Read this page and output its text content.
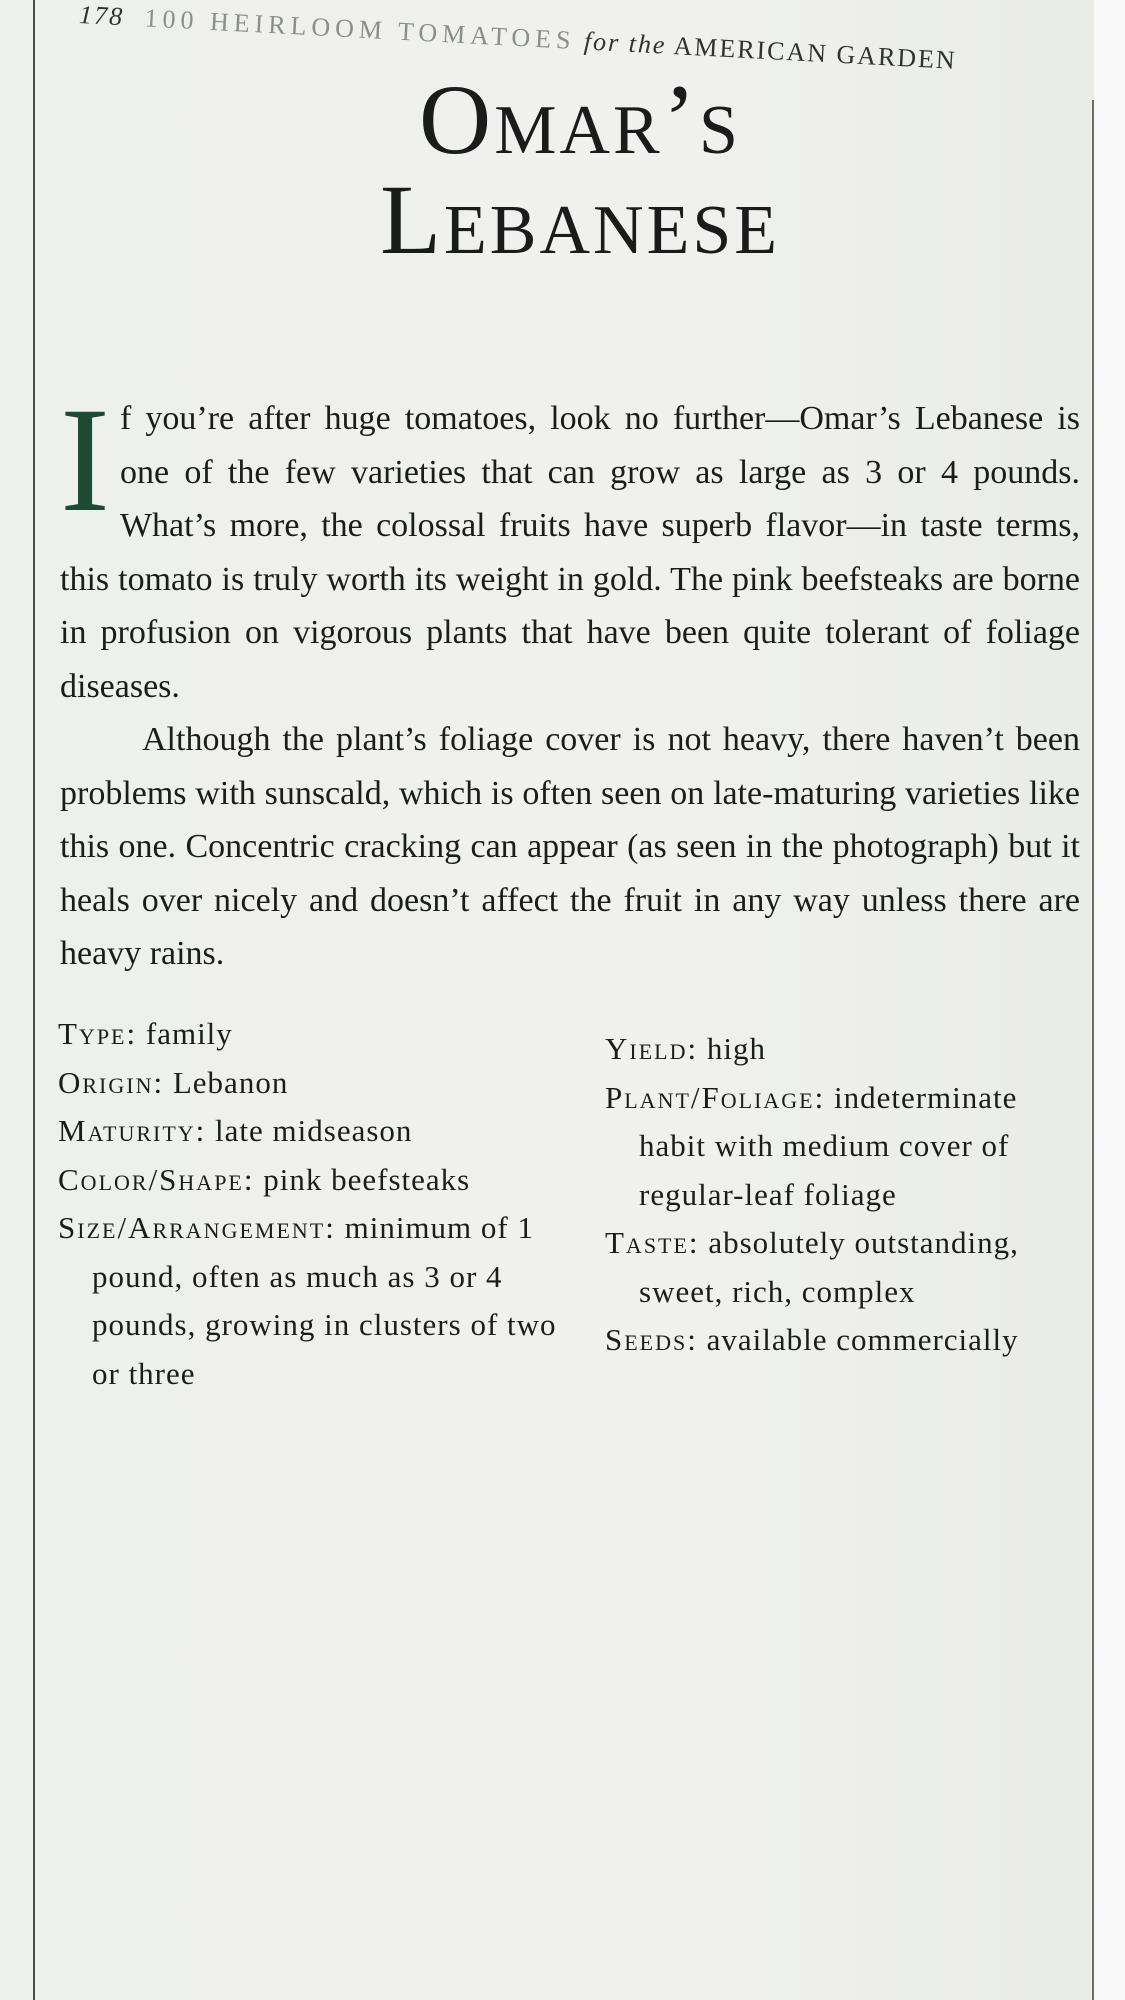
178 100 HEIRLOOM TOMATOES for the AMERICAN GARDEN
Omar’s
Lebanese

If you’re after huge tomatoes, look no further—Omar’s Lebanese is one of the few varieties that can grow as large as 3 or 4 pounds. What’s more, the colossal fruits have superb flavor—in taste terms, this tomato is truly worth its weight in gold. The pink beefsteaks are borne in profusion on vigorous plants that have been quite tolerant of foliage diseases.

Although the plant’s foliage cover is not heavy, there haven’t been problems with sunscald, which is often seen on late-maturing varieties like this one. Concentric cracking can appear (as seen in the photograph) but it heals over nicely and doesn’t affect the fruit in any way unless there are heavy rains.

Type: family
Origin: Lebanon
Maturity: late midseason
Color/Shape: pink beefsteaks
Size/Arrangement: minimum of 1 pound, often as much as 3 or 4 pounds, growing in clusters of two or three
Yield: high
Plant/Foliage: indeterminate habit with medium cover of regular-leaf foliage
Taste: absolutely outstanding, sweet, rich, complex
Seeds: available commercially
